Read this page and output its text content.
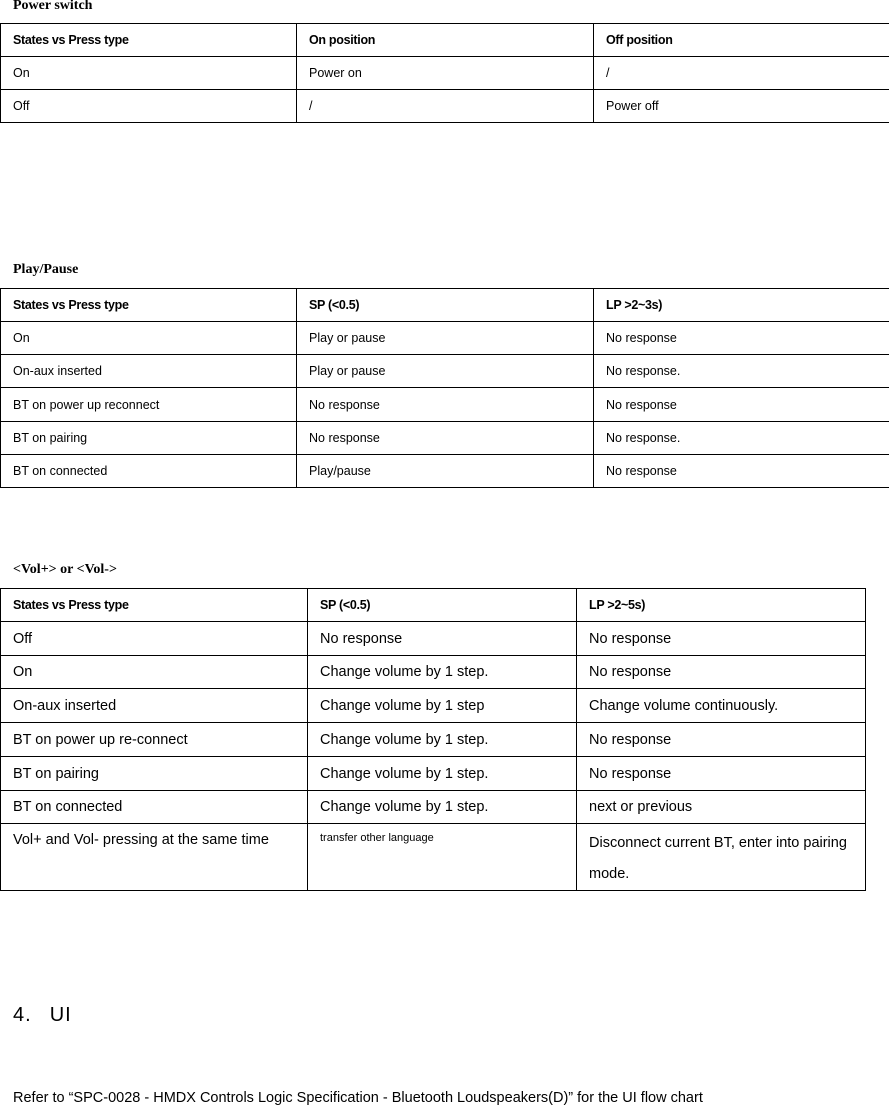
Power switch
States vs Press type	On position	Off position
On	Power on	/
Off	/	Power off
Play/Pause
States vs Press type	SP (<0.5)	LP >2~3s)
On	Play or pause	No response
On-aux inserted	Play or pause	No response.
BT on power up reconnect	No response	No response
BT on pairing	No response	No response.
BT on connected	Play/pause	No response
<Vol+> or <Vol->
States vs Press type	SP (<0.5)	LP >2~5s)
Off	No response	No response
On	Change volume by 1 step.	No response
On-aux inserted	Change volume by 1 step	Change volume continuously.
BT on power up re-connect	Change volume by 1 step.	No response
BT on pairing	Change volume by 1 step.	No response
BT on connected	Change volume by 1 step.	next or previous
Vol+ and Vol- pressing at the same time	transfer other language	Disconnect current BT, enter into pairing mode.
4. UI
Refer to “SPC-0028 - HMDX Controls Logic Specification - Bluetooth Loudspeakers(D)” for the UI flow chart
